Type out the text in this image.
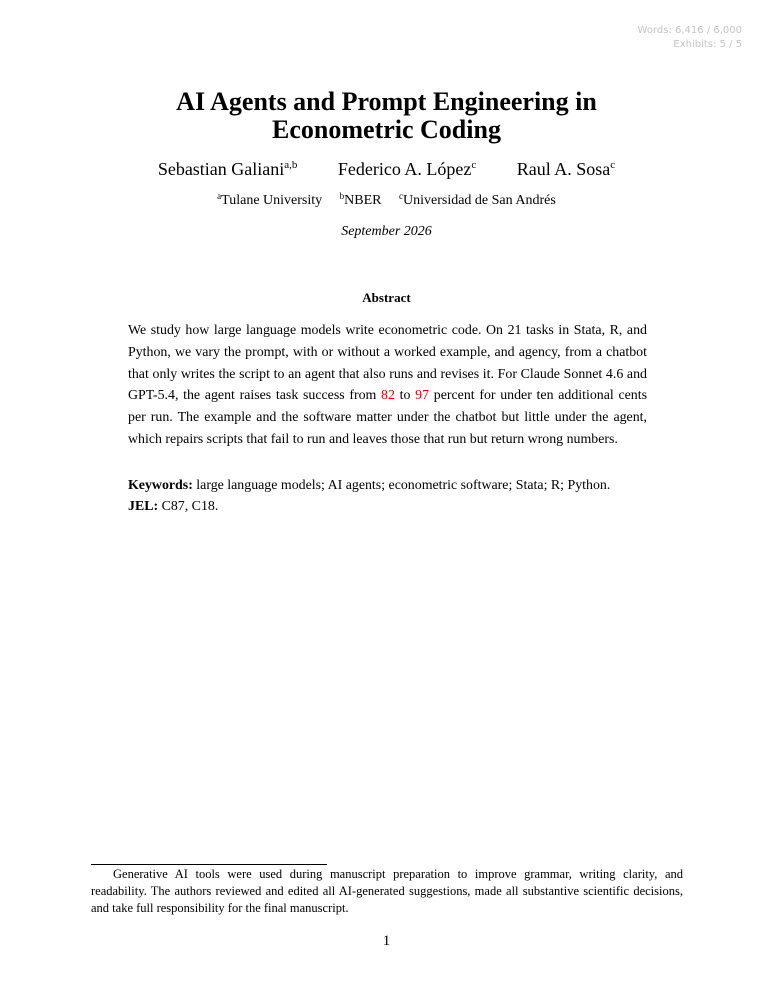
Words: 6,416 / 6,000
Exhibits: 5 / 5
AI Agents and Prompt Engineering in
Econometric Coding
Sebastian Galiani$^{a,b}$ Federico A. López$^c$ Raul A. Sosa$^c$
$^a$Tulane University $^b$NBER $^c$Universidad de San Andrés
September 2026
Abstract
We study how large language models write econometric code. On 21 tasks in Stata, R, and Python, we vary the prompt, with or without a worked example, and agency, from a chatbot that only writes the script to an agent that also runs and revises it. For Claude Sonnet 4.6 and GPT-5.4, the agent raises task success from 82 to 97 percent for under ten additional cents per run. The example and the software matter under the chatbot but little under the agent, which repairs scripts that fail to run and leaves those that run but return wrong numbers.
Keywords: large language models; AI agents; econometric software; Stata; R; Python.
JEL: C87, C18.
Generative AI tools were used during manuscript preparation to improve grammar, writing clarity, and readability. The authors reviewed and edited all AI-generated suggestions, made all substantive scientific decisions, and take full responsibility for the final manuscript.
1
